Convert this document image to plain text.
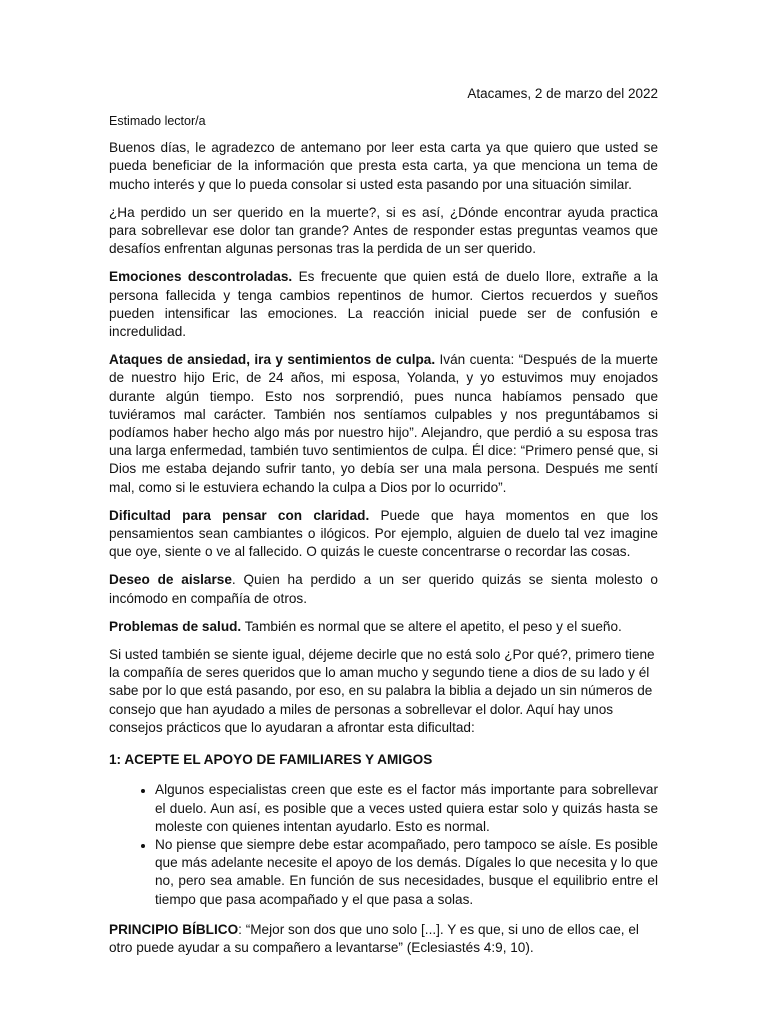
Atacames, 2 de marzo del 2022
Estimado lector/a

Buenos días, le agradezco de antemano por leer esta carta ya que quiero que usted se pueda beneficiar de la información que presta esta carta, ya que menciona un tema de mucho interés y que lo pueda consolar si usted esta pasando por una situación similar.

¿Ha perdido un ser querido en la muerte?, si es así, ¿Dónde encontrar ayuda practica para sobrellevar ese dolor tan grande? Antes de responder estas preguntas veamos que desafíos enfrentan algunas personas tras la perdida de un ser querido.

Emociones descontroladas. Es frecuente que quien está de duelo llore, extrañe a la persona fallecida y tenga cambios repentinos de humor. Ciertos recuerdos y sueños pueden intensificar las emociones. La reacción inicial puede ser de confusión e incredulidad.

Ataques de ansiedad, ira y sentimientos de culpa. Iván cuenta: “Después de la muerte de nuestro hijo Eric, de 24 años, mi esposa, Yolanda, y yo estuvimos muy enojados durante algún tiempo. Esto nos sorprendió, pues nunca habíamos pensado que tuviéramos mal carácter. También nos sentíamos culpables y nos preguntábamos si podíamos haber hecho algo más por nuestro hijo”. Alejandro, que perdió a su esposa tras una larga enfermedad, también tuvo sentimientos de culpa. Él dice: “Primero pensé que, si Dios me estaba dejando sufrir tanto, yo debía ser una mala persona. Después me sentí mal, como si le estuviera echando la culpa a Dios por lo ocurrido”.

Dificultad para pensar con claridad. Puede que haya momentos en que los pensamientos sean cambiantes o ilógicos. Por ejemplo, alguien de duelo tal vez imagine que oye, siente o ve al fallecido. O quizás le cueste concentrarse o recordar las cosas.

Deseo de aislarse. Quien ha perdido a un ser querido quizás se sienta molesto o incómodo en compañía de otros.

Problemas de salud. También es normal que se altere el apetito, el peso y el sueño.

Si usted también se siente igual, déjeme decirle que no está solo ¿Por qué?, primero tiene la compañía de seres queridos que lo aman mucho y segundo tiene a dios de su lado y él sabe por lo que está pasando, por eso, en su palabra la biblia a dejado un sin números de consejo que han ayudado a miles de personas a sobrellevar el dolor. Aquí hay unos consejos prácticos que lo ayudaran a afrontar esta dificultad:

1: ACEPTE EL APOYO DE FAMILIARES Y AMIGOS
• Algunos especialistas creen que este es el factor más importante para sobrellevar el duelo. Aun así, es posible que a veces usted quiera estar solo y quizás hasta se moleste con quienes intentan ayudarlo. Esto es normal.
• No piense que siempre debe estar acompañado, pero tampoco se aísle. Es posible que más adelante necesite el apoyo de los demás. Dígales lo que necesita y lo que no, pero sea amable. En función de sus necesidades, busque el equilibrio entre el tiempo que pasa acompañado y el que pasa a solas.

PRINCIPIO BÍBLICO: “Mejor son dos que uno solo [...]. Y es que, si uno de ellos cae, el otro puede ayudar a su compañero a levantarse” (Eclesiastés 4:9, 10).
